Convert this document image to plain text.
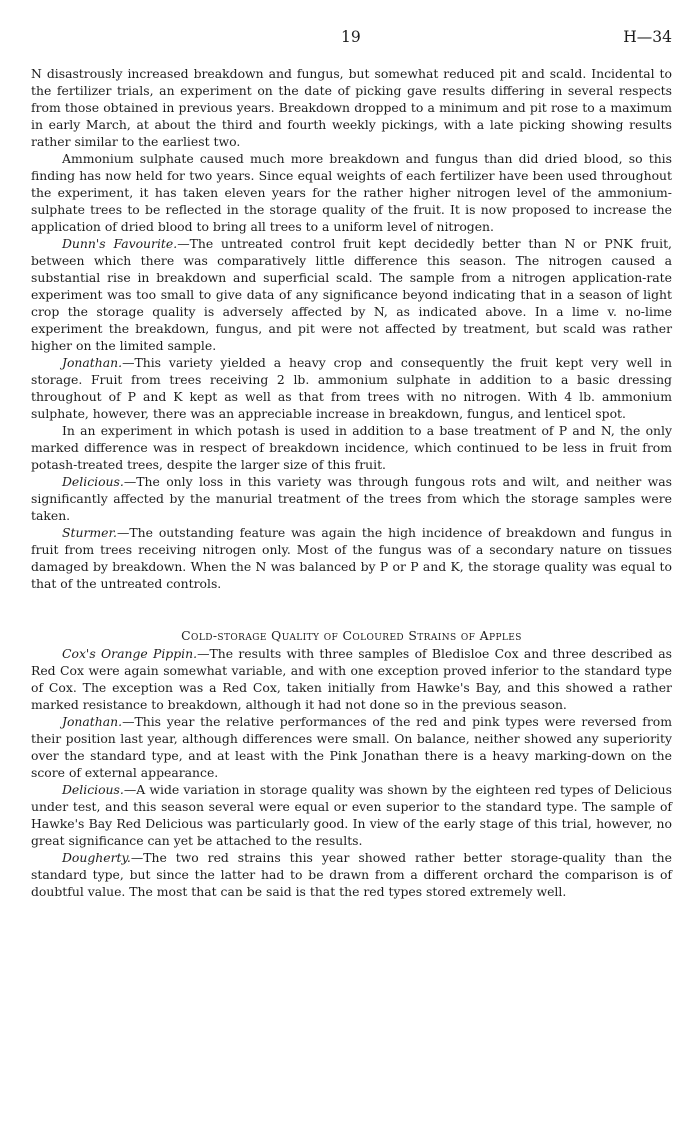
19	H—34

N disastrously increased breakdown and fungus, but somewhat reduced pit and scald. Incidental to the fertilizer trials, an experiment on the date of picking gave results differing in several respects from those obtained in previous years. Breakdown dropped to a minimum and pit rose to a maximum in early March, at about the third and fourth weekly pickings, with a late picking showing results rather similar to the earliest two.

Ammonium sulphate caused much more breakdown and fungus than did dried blood, so this finding has now held for two years. Since equal weights of each fertilizer have been used throughout the experiment, it has taken eleven years for the rather higher nitrogen level of the ammonium-sulphate trees to be reflected in the storage quality of the fruit. It is now proposed to increase the application of dried blood to bring all trees to a uniform level of nitrogen.

Dunn's Favourite.—The untreated control fruit kept decidedly better than N or PNK fruit, between which there was comparatively little difference this season. The nitrogen caused a substantial rise in breakdown and superficial scald. The sample from a nitrogen application-rate experiment was too small to give data of any significance beyond indicating that in a season of light crop the storage quality is adversely affected by N, as indicated above. In a lime v. no-lime experiment the breakdown, fungus, and pit were not affected by treatment, but scald was rather higher on the limited sample.

Jonathan.—This variety yielded a heavy crop and consequently the fruit kept very well in storage. Fruit from trees receiving 2 lb. ammonium sulphate in addition to a basic dressing throughout of P and K kept as well as that from trees with no nitrogen. With 4 lb. ammonium sulphate, however, there was an appreciable increase in breakdown, fungus, and lenticel spot.

In an experiment in which potash is used in addition to a base treatment of P and N, the only marked difference was in respect of breakdown incidence, which continued to be less in fruit from potash-treated trees, despite the larger size of this fruit.

Delicious.—The only loss in this variety was through fungous rots and wilt, and neither was significantly affected by the manurial treatment of the trees from which the storage samples were taken.

Sturmer.—The outstanding feature was again the high incidence of breakdown and fungus in fruit from trees receiving nitrogen only. Most of the fungus was of a secondary nature on tissues damaged by breakdown. When the N was balanced by P or P and K, the storage quality was equal to that of the untreated controls.

Cold-storage Quality of Coloured Strains of Apples

Cox's Orange Pippin.—The results with three samples of Bledisloe Cox and three described as Red Cox were again somewhat variable, and with one exception proved inferior to the standard type of Cox. The exception was a Red Cox, taken initially from Hawke's Bay, and this showed a rather marked resistance to breakdown, although it had not done so in the previous season.

Jonathan.—This year the relative performances of the red and pink types were reversed from their position last year, although differences were small. On balance, neither showed any superiority over the standard type, and at least with the Pink Jonathan there is a heavy marking-down on the score of external appearance.

Delicious.—A wide variation in storage quality was shown by the eighteen red types of Delicious under test, and this season several were equal or even superior to the standard type. The sample of Hawke's Bay Red Delicious was particularly good. In view of the early stage of this trial, however, no great significance can yet be attached to the results.

Dougherty.—The two red strains this year showed rather better storage-quality than the standard type, but since the latter had to be drawn from a different orchard the comparison is of doubtful value. The most that can be said is that the red types stored extremely well.
